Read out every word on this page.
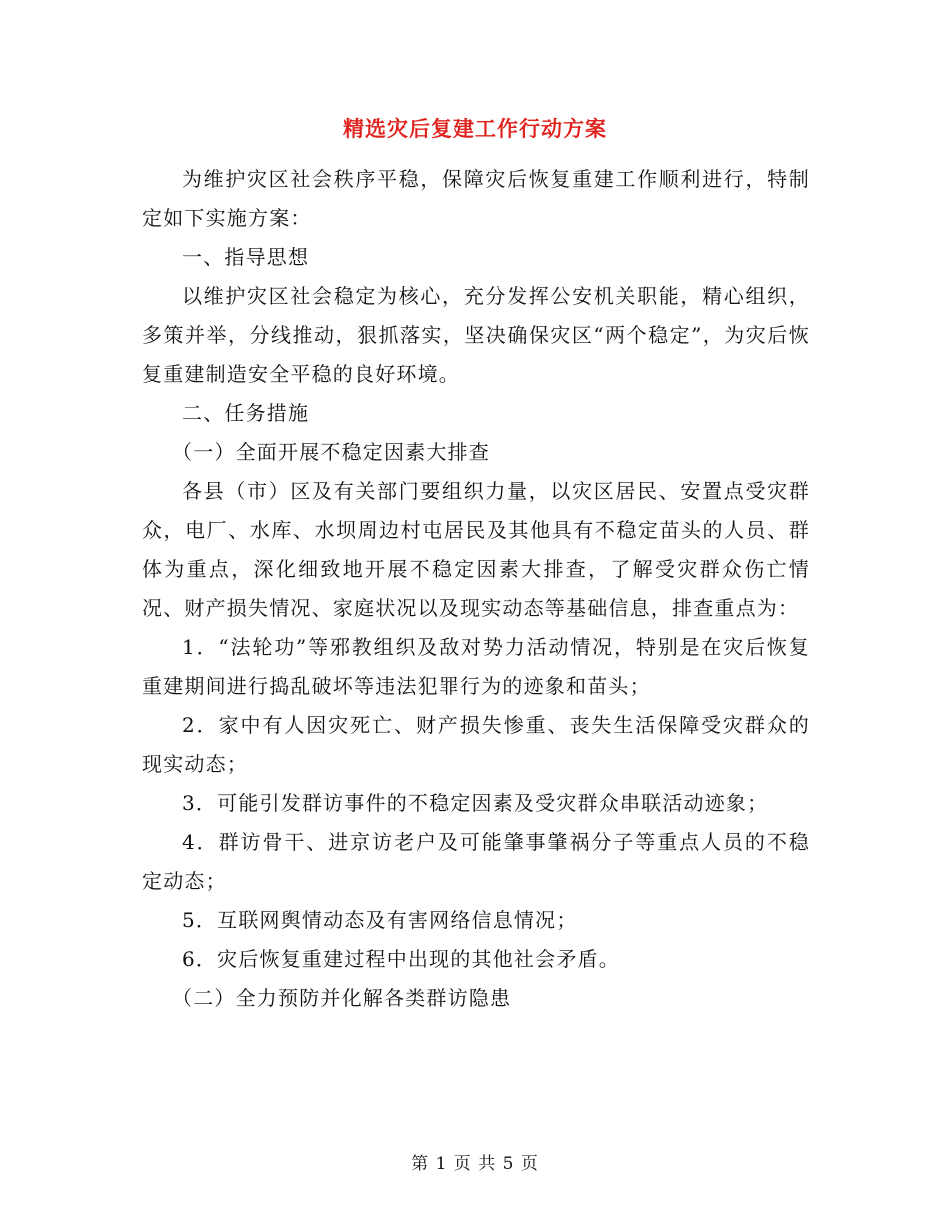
精选灾后复建工作行动方案

为维护灾区社会秩序平稳，保障灾后恢复重建工作顺利进行，特制定如下实施方案：

一、指导思想

以维护灾区社会稳定为核心，充分发挥公安机关职能，精心组织，多策并举，分线推动，狠抓落实，坚决确保灾区“两个稳定”，为灾后恢复重建制造安全平稳的良好环境。

二、任务措施

（一）全面开展不稳定因素大排查

各县（市）区及有关部门要组织力量，以灾区居民、安置点受灾群众，电厂、水库、水坝周边村屯居民及其他具有不稳定苗头的人员、群体为重点，深化细致地开展不稳定因素大排查，了解受灾群众伤亡情况、财产损失情况、家庭状况以及现实动态等基础信息，排查重点为：

1．“法轮功”等邪教组织及敌对势力活动情况，特别是在灾后恢复重建期间进行捣乱破坏等违法犯罪行为的迹象和苗头；

2．家中有人因灾死亡、财产损失惨重、丧失生活保障受灾群众的现实动态；

3．可能引发群访事件的不稳定因素及受灾群众串联活动迹象；

4．群访骨干、进京访老户及可能肇事肇祸分子等重点人员的不稳定动态；

5．互联网舆情动态及有害网络信息情况；

6．灾后恢复重建过程中出现的其他社会矛盾。

（二）全力预防并化解各类群访隐患

第 1 页 共 5 页
